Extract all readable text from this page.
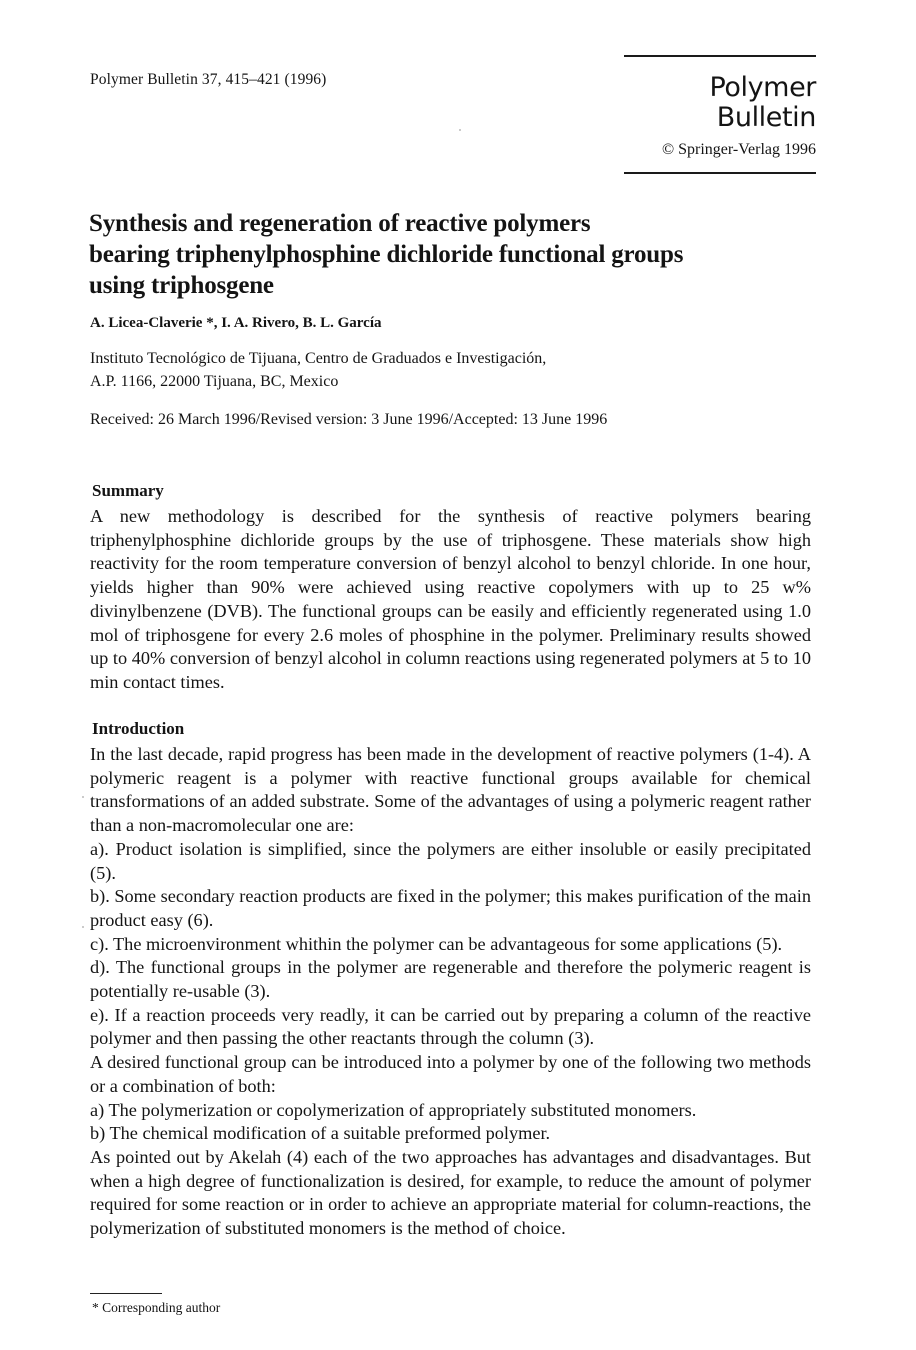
Polymer Bulletin 37, 415–421 (1996)	Polymer Bulletin
© Springer-Verlag 1996
Synthesis and regeneration of reactive polymers
bearing triphenylphosphine dichloride functional groups
using triphosgene
A. Licea-Claverie *, I. A. Rivero, B. L. García
Instituto Tecnológico de Tijuana, Centro de Graduados e Investigación,
A.P. 1166, 22000 Tijuana, BC, Mexico
Received: 26 March 1996/Revised version: 3 June 1996/Accepted: 13 June 1996
Summary

A new methodology is described for the synthesis of reactive polymers bearing triphenylphosphine dichloride groups by the use of triphosgene. These materials show high reactivity for the room temperature conversion of benzyl alcohol to benzyl chloride. In one hour, yields higher than 90% were achieved using reactive copolymers with up to 25 w% divinylbenzene (DVB). The functional groups can be easily and efficiently regenerated using 1.0 mol of triphosgene for every 2.6 moles of phosphine in the polymer. Preliminary results showed up to 40% conversion of benzyl alcohol in column reactions using regenerated polymers at 5 to 10 min contact times.

Introduction

In the last decade, rapid progress has been made in the development of reactive polymers (1-4). A polymeric reagent is a polymer with reactive functional groups available for chemical transformations of an added substrate. Some of the advantages of using a polymeric reagent rather than a non-macromolecular one are:

a). Product isolation is simplified, since the polymers are either insoluble or easily precipitated (5).

b). Some secondary reaction products are fixed in the polymer; this makes purification of the main product easy (6).

c). The microenvironment whithin the polymer can be advantageous for some applications (5).

d). The functional groups in the polymer are regenerable and therefore the polymeric reagent is potentially re-usable (3).

e). If a reaction proceeds very readly, it can be carried out by preparing a column of the reactive polymer and then passing the other reactants through the column (3).

A desired functional group can be introduced into a polymer by one of the following two methods or a combination of both:

a) The polymerization or copolymerization of appropriately substituted monomers.

b) The chemical modification of a suitable preformed polymer.

As pointed out by Akelah (4) each of the two approaches has advantages and disadvantages. But when a high degree of functionalization is desired, for example, to reduce the amount of polymer required for some reaction or in order to achieve an appropriate material for column-reactions, the polymerization of substituted monomers is the method of choice.

* Corresponding author
